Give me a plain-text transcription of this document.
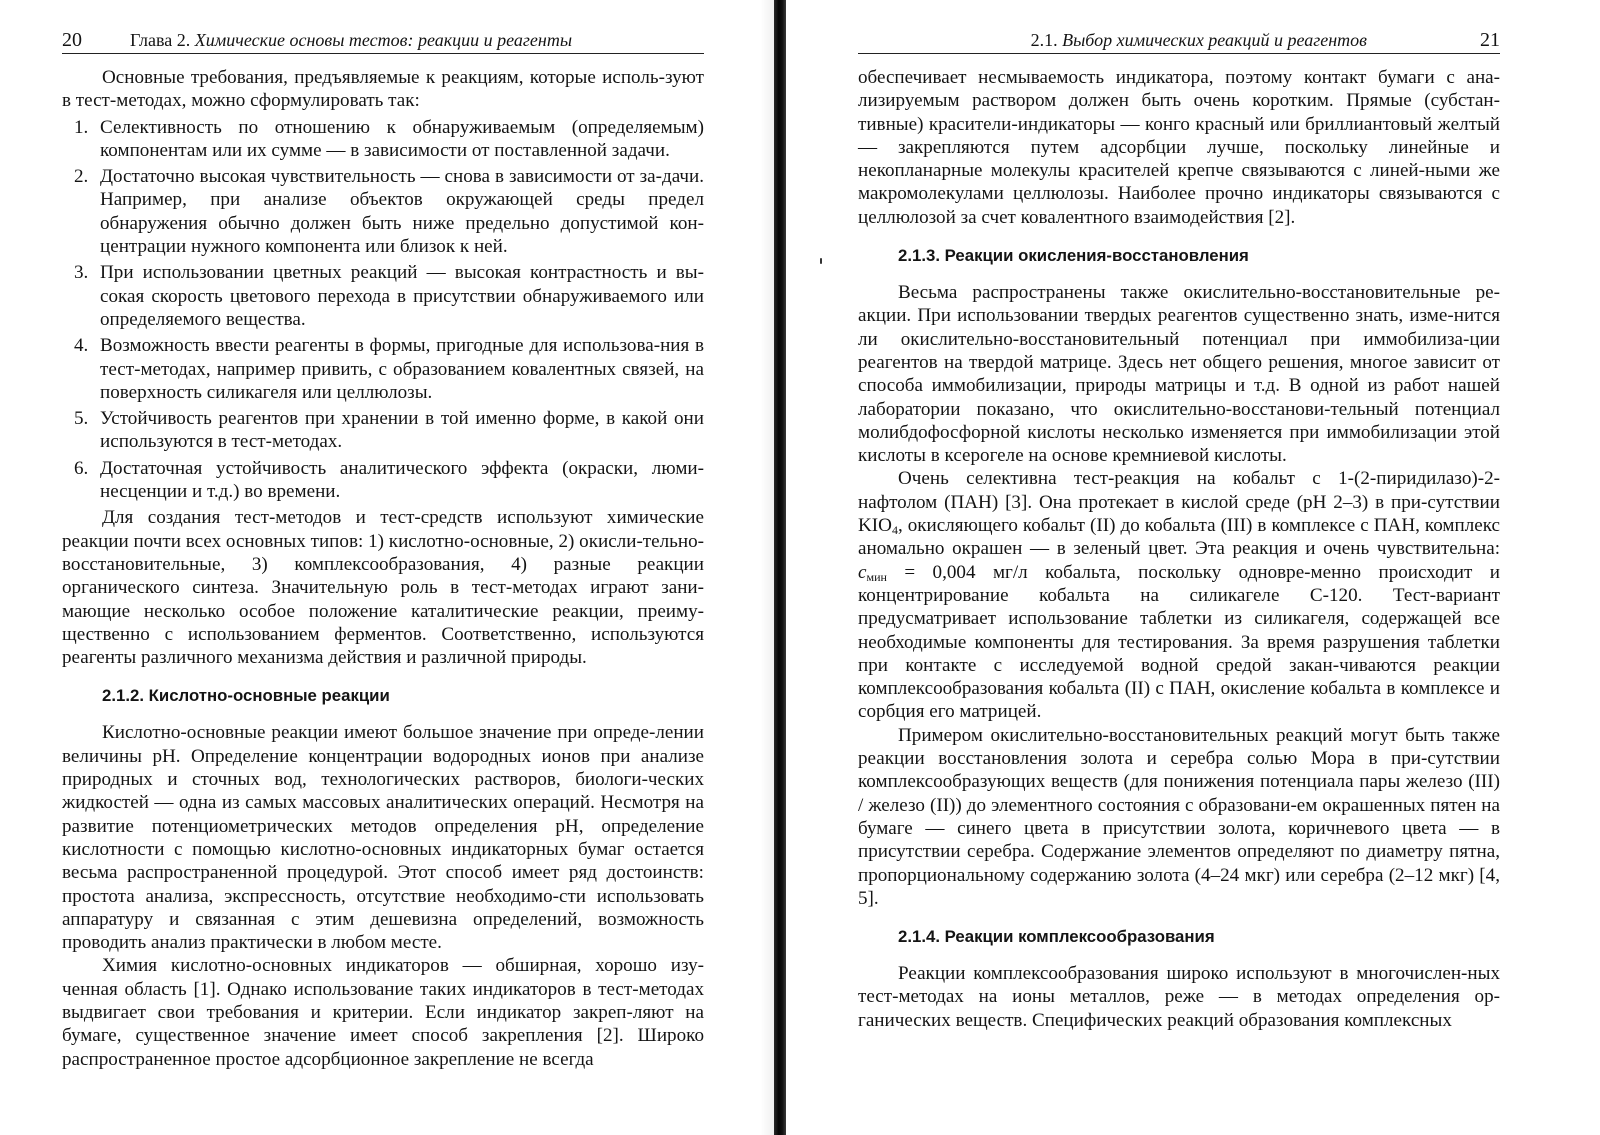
20	Глава 2. Химические основы тестов: реакции и реагенты

Основные требования, предъявляемые к реакциям, которые исполь-зуют в тест-методах, можно сформулировать так:

1. Селективность по отношению к обнаруживаемым (определяемым) компонентам или их сумме — в зависимости от поставленной задачи.
2. Достаточно высокая чувствительность — снова в зависимости от за-дачи. Например, при анализе объектов окружающей среды предел обнаружения обычно должен быть ниже предельно допустимой кон-центрации нужного компонента или близок к ней.
3. При использовании цветных реакций — высокая контрастность и вы-сокая скорость цветового перехода в присутствии обнаруживаемого или определяемого вещества.
4. Возможность ввести реагенты в формы, пригодные для использова-ния в тест-методах, например привить, с образованием ковалентных связей, на поверхность силикагеля или целлюлозы.
5. Устойчивость реагентов при хранении в той именно форме, в какой они используются в тест-методах.
6. Достаточная устойчивость аналитического эффекта (окраски, люми-несценции и т.д.) во времени.

Для создания тест-методов и тест-средств используют химические реакции почти всех основных типов: 1) кислотно-основные, 2) окисли-тельно-восстановительные, 3) комплексообразования, 4) разные реакции органического синтеза. Значительную роль в тест-методах играют зани-мающие несколько особое положение каталитические реакции, преиму-щественно с использованием ферментов. Соответственно, используются реагенты различного механизма действия и различной природы.

2.1.2. Кислотно-основные реакции

Кислотно-основные реакции имеют большое значение при опреде-лении величины pH. Определение концентрации водородных ионов при анализе природных и сточных вод, технологических растворов, биологи-ческих жидкостей — одна из самых массовых аналитических операций. Несмотря на развитие потенциометрических методов определения pH, определение кислотности с помощью кислотно-основных индикаторных бумаг остается весьма распространенной процедурой. Этот способ имеет ряд достоинств: простота анализа, экспрессность, отсутствие необходимо-сти использовать аппаратуру и связанная с этим дешевизна определений, возможность проводить анализ практически в любом месте.

Химия кислотно-основных индикаторов — обширная, хорошо изу-ченная область [1]. Однако использование таких индикаторов в тест-методах выдвигает свои требования и критерии. Если индикатор закреп-ляют на бумаге, существенное значение имеет способ закрепления [2]. Широко распространенное простое адсорбционное закрепление не всегда

2.1. Выбор химических реакций и реагентов	21

обеспечивает несмываемость индикатора, поэтому контакт бумаги с ана-лизируемым раствором должен быть очень коротким. Прямые (субстан-тивные) красители-индикаторы — конго красный или бриллиантовый желтый — закрепляются путем адсорбции лучше, поскольку линейные и некопланарные молекулы красителей крепче связываются с линей-ными же макромолекулами целлюлозы. Наиболее прочно индикаторы связываются с целлюлозой за счет ковалентного взаимодействия [2].

2.1.3. Реакции окисления-восстановления

Весьма распространены также окислительно-восстановительные ре-акции. При использовании твердых реагентов существенно знать, изме-нится ли окислительно-восстановительный потенциал при иммобилиза-ции реагентов на твердой матрице. Здесь нет общего решения, многое зависит от способа иммобилизации, природы матрицы и т.д. В одной из работ нашей лаборатории показано, что окислительно-восстанови-тельный потенциал молибдофосфорной кислоты несколько изменяется при иммобилизации этой кислоты в ксерогеле на основе кремниевой кислоты.

Очень селективна тест-реакция на кобальт с 1-(2-пиридилазо)-2-нафтолом (ПАН) [3]. Она протекает в кислой среде (pH 2–3) в при-сутствии $KIO_4$, окисляющего кобальт (II) до кобальта (III) в комплексе с ПАН, комплекс аномально окрашен — в зеленый цвет. Эта реакция и очень чувствительна: $c_{мин} = 0,004$ мг/л кобальта, поскольку одновре-менно происходит и концентрирование кобальта на силикагеле С-120. Тест-вариант предусматривает использование таблетки из силикагеля, содержащей все необходимые компоненты для тестирования. За время разрушения таблетки при контакте с исследуемой водной средой закан-чиваются реакции комплексообразования кобальта (II) с ПАН, окисление кобальта в комплексе и сорбция его матрицей.

Примером окислительно-восстановительных реакций могут быть также реакции восстановления золота и серебра солью Мора в при-сутствии комплексообразующих веществ (для понижения потенциала пары железо (III) / железо (II)) до элементного состояния с образовани-ем окрашенных пятен на бумаге — синего цвета в присутствии золота, коричневого цвета — в присутствии серебра. Содержание элементов определяют по диаметру пятна, пропорциональному содержанию золота (4–24 мкг) или серебра (2–12 мкг) [4, 5].

2.1.4. Реакции комплексообразования

Реакции комплексообразования широко используют в многочислен-ных тест-методах на ионы металлов, реже — в методах определения ор-ганических веществ. Специфических реакций образования комплексных
